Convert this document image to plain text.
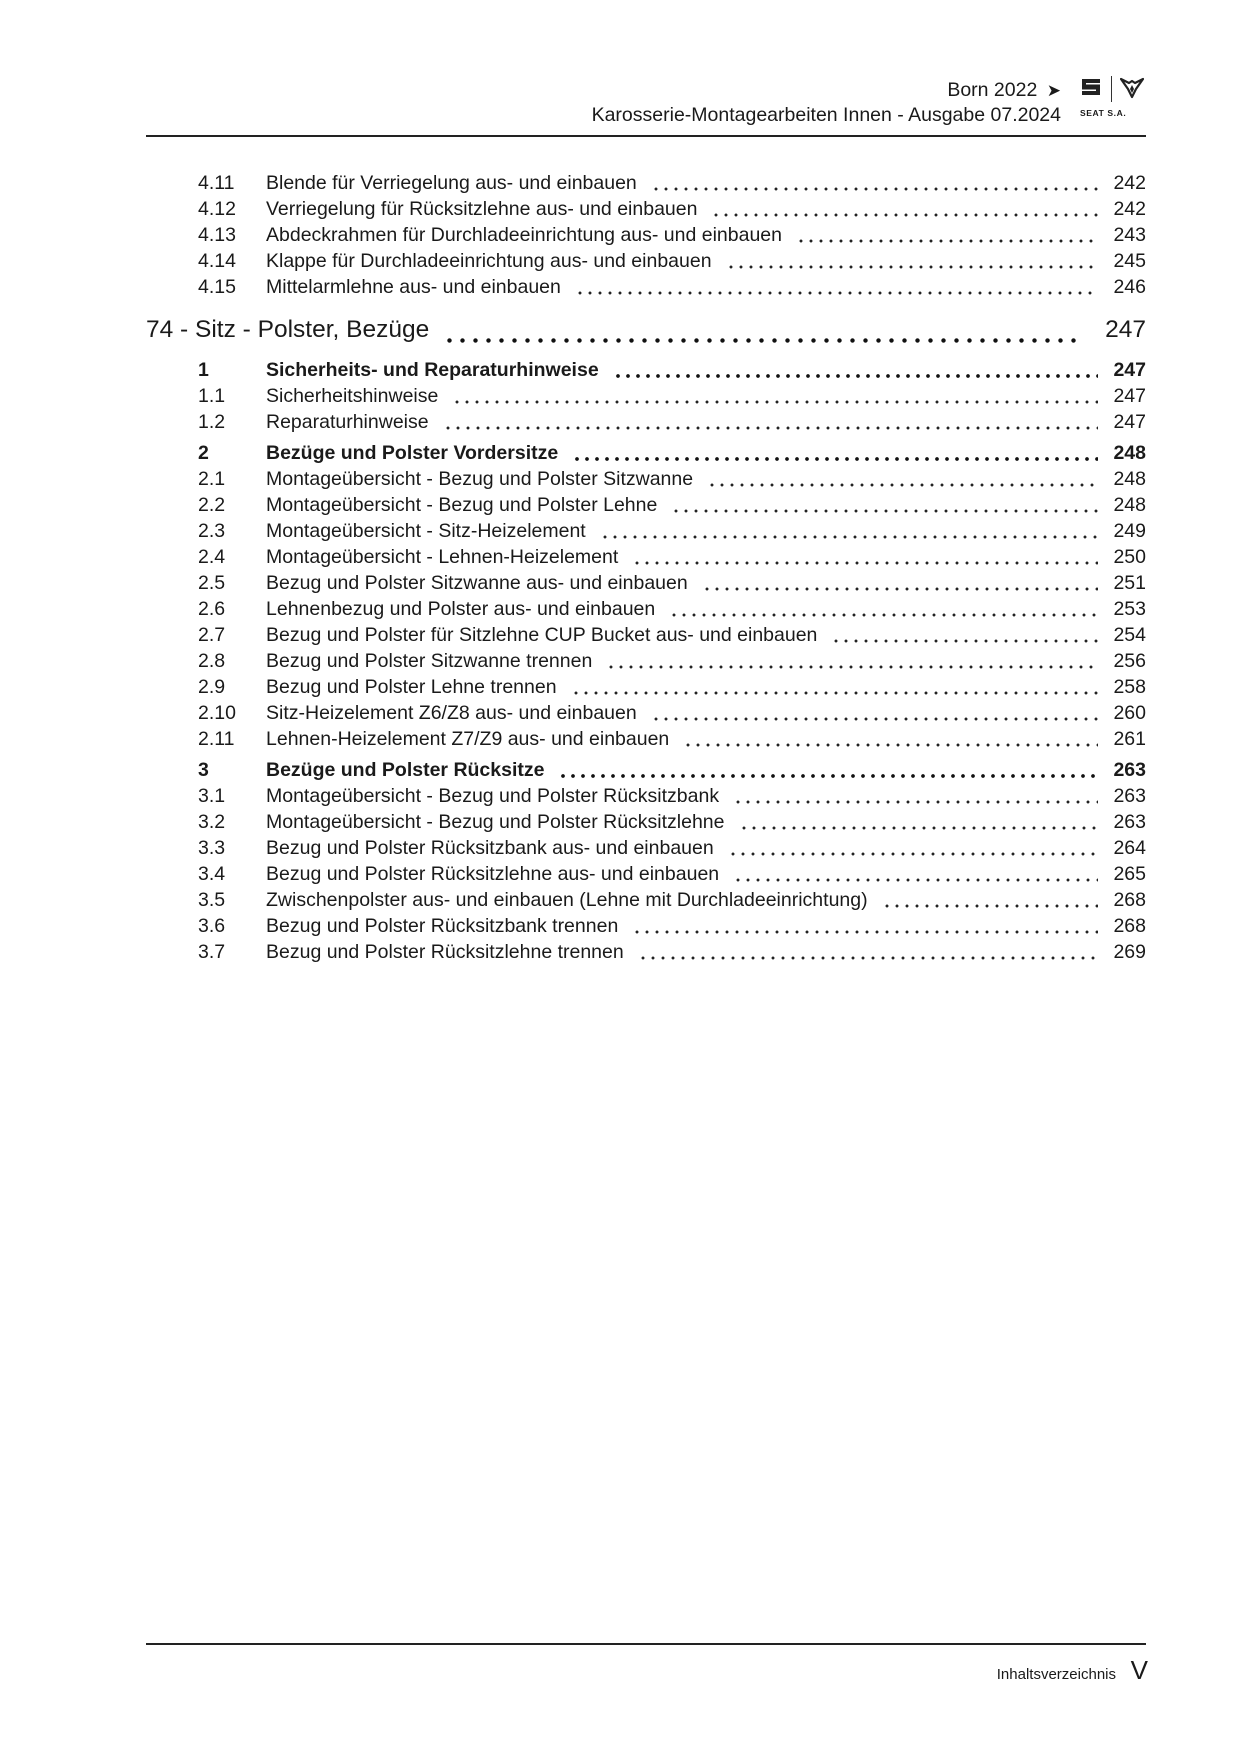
Born 2022 ➤
Karosserie-Montagearbeiten Innen - Ausgabe 07.2024 SEAT S.A.
4.11	Blende für Verriegelung aus- und einbauen	242
4.12	Verriegelung für Rücksitzlehne aus- und einbauen	242
4.13	Abdeckrahmen für Durchladeeinrichtung aus- und einbauen	243
4.14	Klappe für Durchladeeinrichtung aus- und einbauen	245
4.15	Mittelarmlehne aus- und einbauen	246
74 - Sitz - Polster, Bezüge	247
1	Sicherheits- und Reparaturhinweise	247
1.1	Sicherheitshinweise	247
1.2	Reparaturhinweise	247
2	Bezüge und Polster Vordersitze	248
2.1	Montageübersicht - Bezug und Polster Sitzwanne	248
2.2	Montageübersicht - Bezug und Polster Lehne	248
2.3	Montageübersicht - Sitz-Heizelement	249
2.4	Montageübersicht - Lehnen-Heizelement	250
2.5	Bezug und Polster Sitzwanne aus- und einbauen	251
2.6	Lehnenbezug und Polster aus- und einbauen	253
2.7	Bezug und Polster für Sitzlehne CUP Bucket aus- und einbauen	254
2.8	Bezug und Polster Sitzwanne trennen	256
2.9	Bezug und Polster Lehne trennen	258
2.10	Sitz-Heizelement Z6/Z8 aus- und einbauen	260
2.11	Lehnen-Heizelement Z7/Z9 aus- und einbauen	261
3	Bezüge und Polster Rücksitze	263
3.1	Montageübersicht - Bezug und Polster Rücksitzbank	263
3.2	Montageübersicht - Bezug und Polster Rücksitzlehne	263
3.3	Bezug und Polster Rücksitzbank aus- und einbauen	264
3.4	Bezug und Polster Rücksitzlehne aus- und einbauen	265
3.5	Zwischenpolster aus- und einbauen (Lehne mit Durchladeeinrichtung)	268
3.6	Bezug und Polster Rücksitzbank trennen	268
3.7	Bezug und Polster Rücksitzlehne trennen	269
Inhaltsverzeichnis V
